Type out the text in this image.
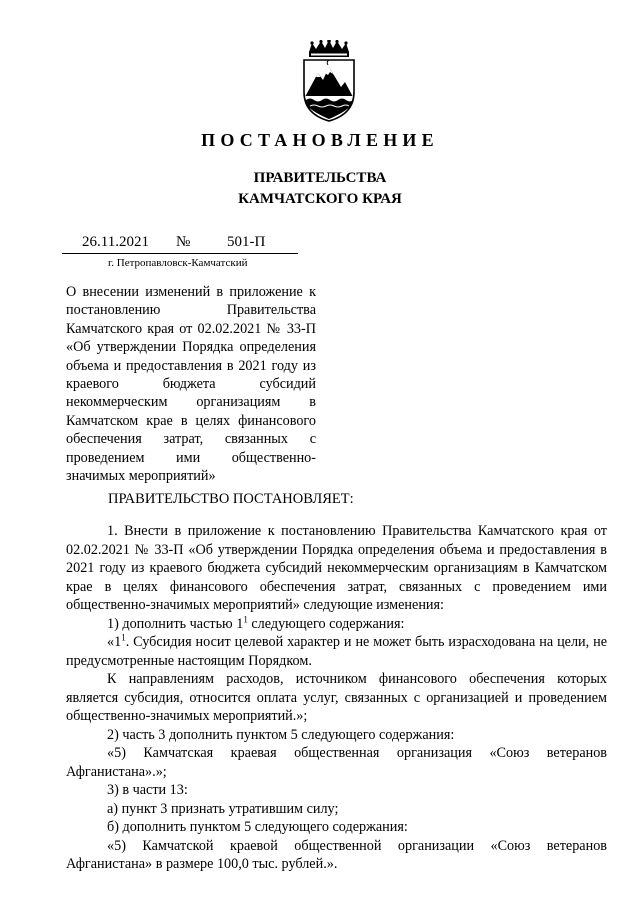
ПОСТАНОВЛЕНИЕ
ПРАВИТЕЛЬСТВА
КАМЧАТСКОГО КРАЯ
26.11.2021 № 501-П
г. Петропавловск-Камчатский
О внесении изменений в приложение к постановлению Правительства Камчатского края от 02.02.2021 № 33-П «Об утверждении Порядка определения объема и предоставления в 2021 году из краевого бюджета субсидий некоммерческим организациям в Камчатском крае в целях финансового обеспечения затрат, связанных с проведением ими общественно-значимых мероприятий»
ПРАВИТЕЛЬСТВО ПОСТАНОВЛЯЕТ:

1. Внести в приложение к постановлению Правительства Камчатского края от 02.02.2021 № 33-П «Об утверждении Порядка определения объема и предоставления в 2021 году из краевого бюджета субсидий некоммерческим организациям в Камчатском крае в целях финансового обеспечения затрат, связанных с проведением ими общественно-значимых мероприятий» следующие изменения:

1) дополнить частью $1^1$ следующего содержания:

«$1^1$. Субсидия носит целевой характер и не может быть израсходована на цели, не предусмотренные настоящим Порядком.

К направлениям расходов, источником финансового обеспечения которых является субсидия, относится оплата услуг, связанных с организацией и проведением общественно-значимых мероприятий.»;

2) часть 3 дополнить пунктом 5 следующего содержания:

«5) Камчатская краевая общественная организация «Союз ветеранов Афганистана».»;

3) в части 13:

а) пункт 3 признать утратившим силу;

б) дополнить пунктом 5 следующего содержания:

«5) Камчатской краевой общественной организации «Союз ветеранов Афганистана» в размере 100,0 тыс. рублей.».
